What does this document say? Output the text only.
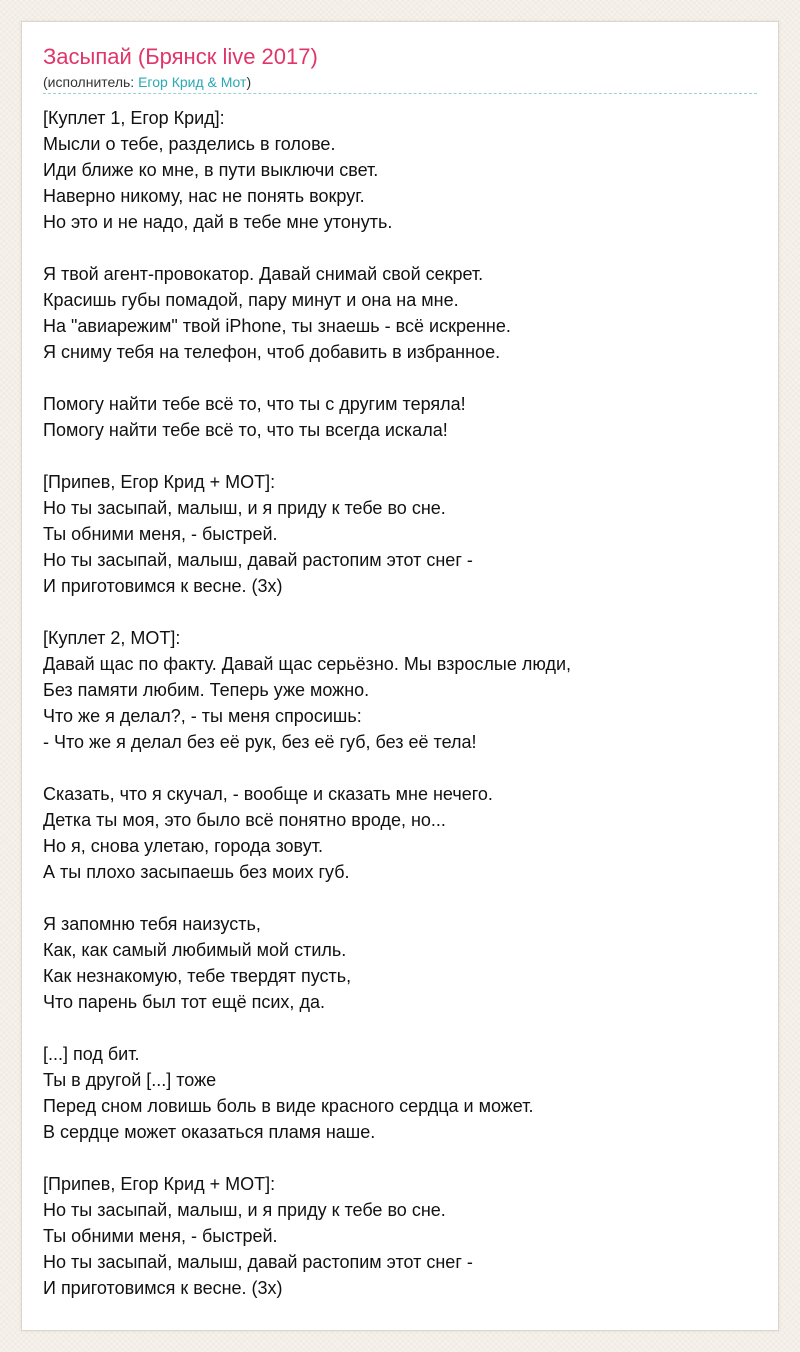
Засыпай (Брянск live 2017)
(исполнитель: Егор Крид & Мот)
[Куплет 1, Егор Крид]:
Мысли о тебе, разделись в голове.
Иди ближе ко мне, в пути выключи свет.
Наверно никому, нас не понять вокруг.
Но это и не надо, дай в тебе мне утонуть.
Я твой агент-провокатор. Давай снимай свой секрет.
Красишь губы помадой, пару минут и она на мне.
На "авиарежим" твой iPhone, ты знаешь - всё искренне.
Я сниму тебя на телефон, чтоб добавить в избранное.
Помогу найти тебе всё то, что ты с другим теряла!
Помогу найти тебе всё то, что ты всегда искала!
[Припев, Егор Крид + МОТ]:
Но ты засыпай, малыш, и я приду к тебе во сне.
Ты обними меня, - быстрей.
Но ты засыпай, малыш, давай растопим этот снег -
И приготовимся к весне. (3x)
[Куплет 2, МОТ]:
Давай щас по факту. Давай щас серьёзно. Мы взрослые люди,
Без памяти любим. Теперь уже можно.
Что же я делал?, - ты меня спросишь:
- Что же я делал без её рук, без её губ, без её тела!
Сказать, что я скучал, - вообще и сказать мне нечего.
Детка ты моя, это было всё понятно вроде, но...
Но я, снова улетаю, города зовут.
А ты плохо засыпаешь без моих губ.
Я запомню тебя наизусть,
Как, как самый любимый мой стиль.
Как незнакомую, тебе твердят пусть,
Что парень был тот ещё псих, да.
[...] под бит.
Ты в другой [...] тоже
Перед сном ловишь боль в виде красного сердца и может.
В сердце может оказаться пламя наше.
[Припев, Егор Крид + МОТ]:
Но ты засыпай, малыш, и я приду к тебе во сне.
Ты обними меня, - быстрей.
Но ты засыпай, малыш, давай растопим этот снег -
И приготовимся к весне. (3x)
